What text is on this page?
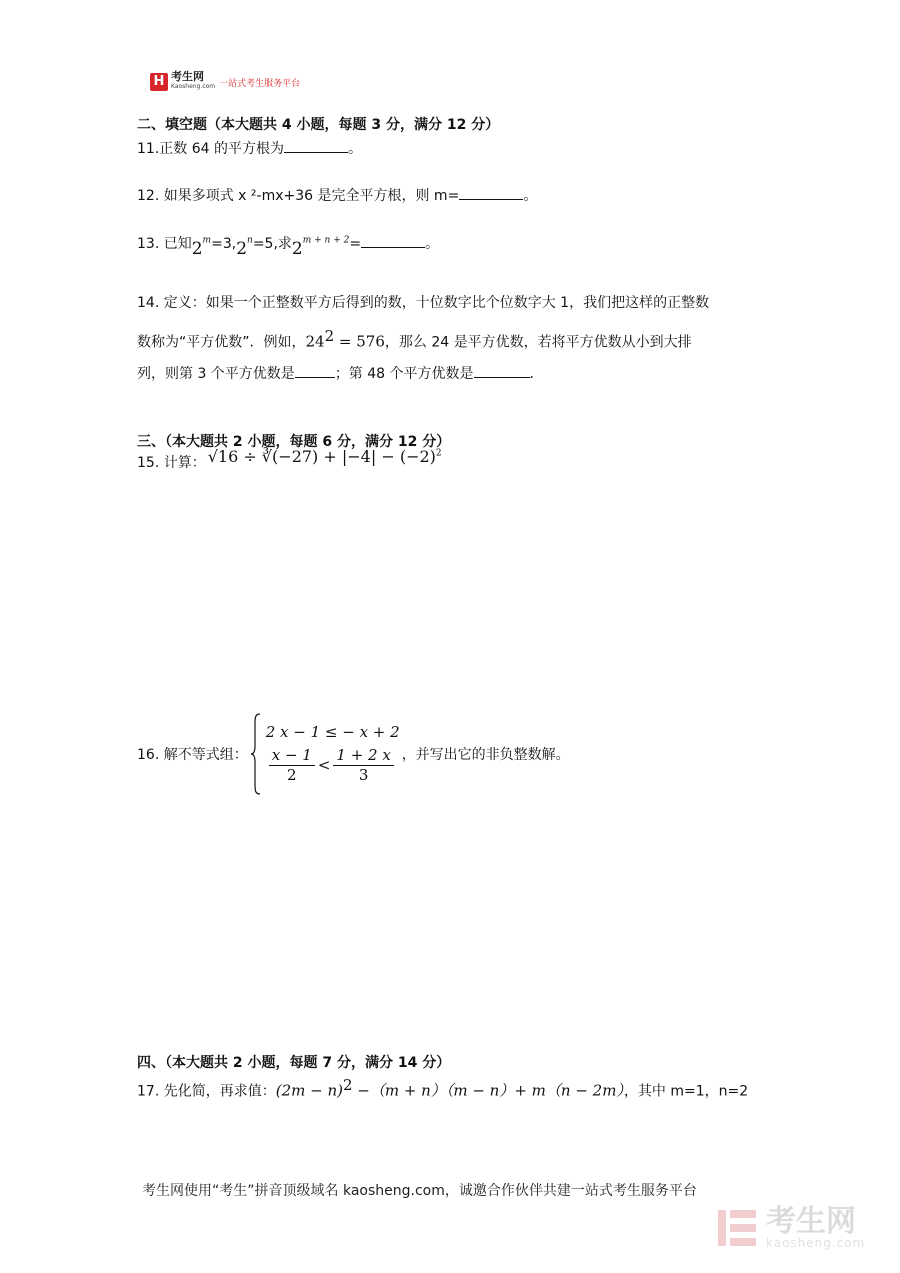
H 考生网
Kaosheng.com 一站式考生服务平台
二、填空题（本大题共 4 小题，每题 3 分，满分 12 分）
11.正数 64 的平方根为	。
12. 如果多项式 x ²-mx+36 是完全平方根，则 m=	。
13. 已知$2^m=3,2^n=5$,求$2^{m + n + 2}=$	。
14. 定义：如果一个正整数平方后得到的数，十位数字比个位数字大 1，我们把这样的正整数
数称为“平方优数”．例如，242 = 576，那么 24 是平方优数，若将平方优数从小到大排
列，则第 3 个平方优数是	；第 48 个平方优数是	.
三、（本大题共 2 小题，每题 6 分，满分 12 分）
15. 计算： √16 ÷ ∛(−27) + $|-4| - (-2)^2$
16. 解不等式组：
2 x − 1 ≤ − x + 2
$\frac{x - 1}{2} < \frac{1 + 2 x}{3}$ ，并写出它的非负整数解。
四、（本大题共 2 小题，每题 7 分，满分 14 分）
17. 先化简，再求值：(2m − n)2 −（m + n）（m − n）+ m（n − 2m），其中 m=1，n=2
考生网使用“考生”拼音顶级域名 kaosheng.com，诚邀合作伙伴共建一站式考生服务平台
考生网
kaosheng.com
